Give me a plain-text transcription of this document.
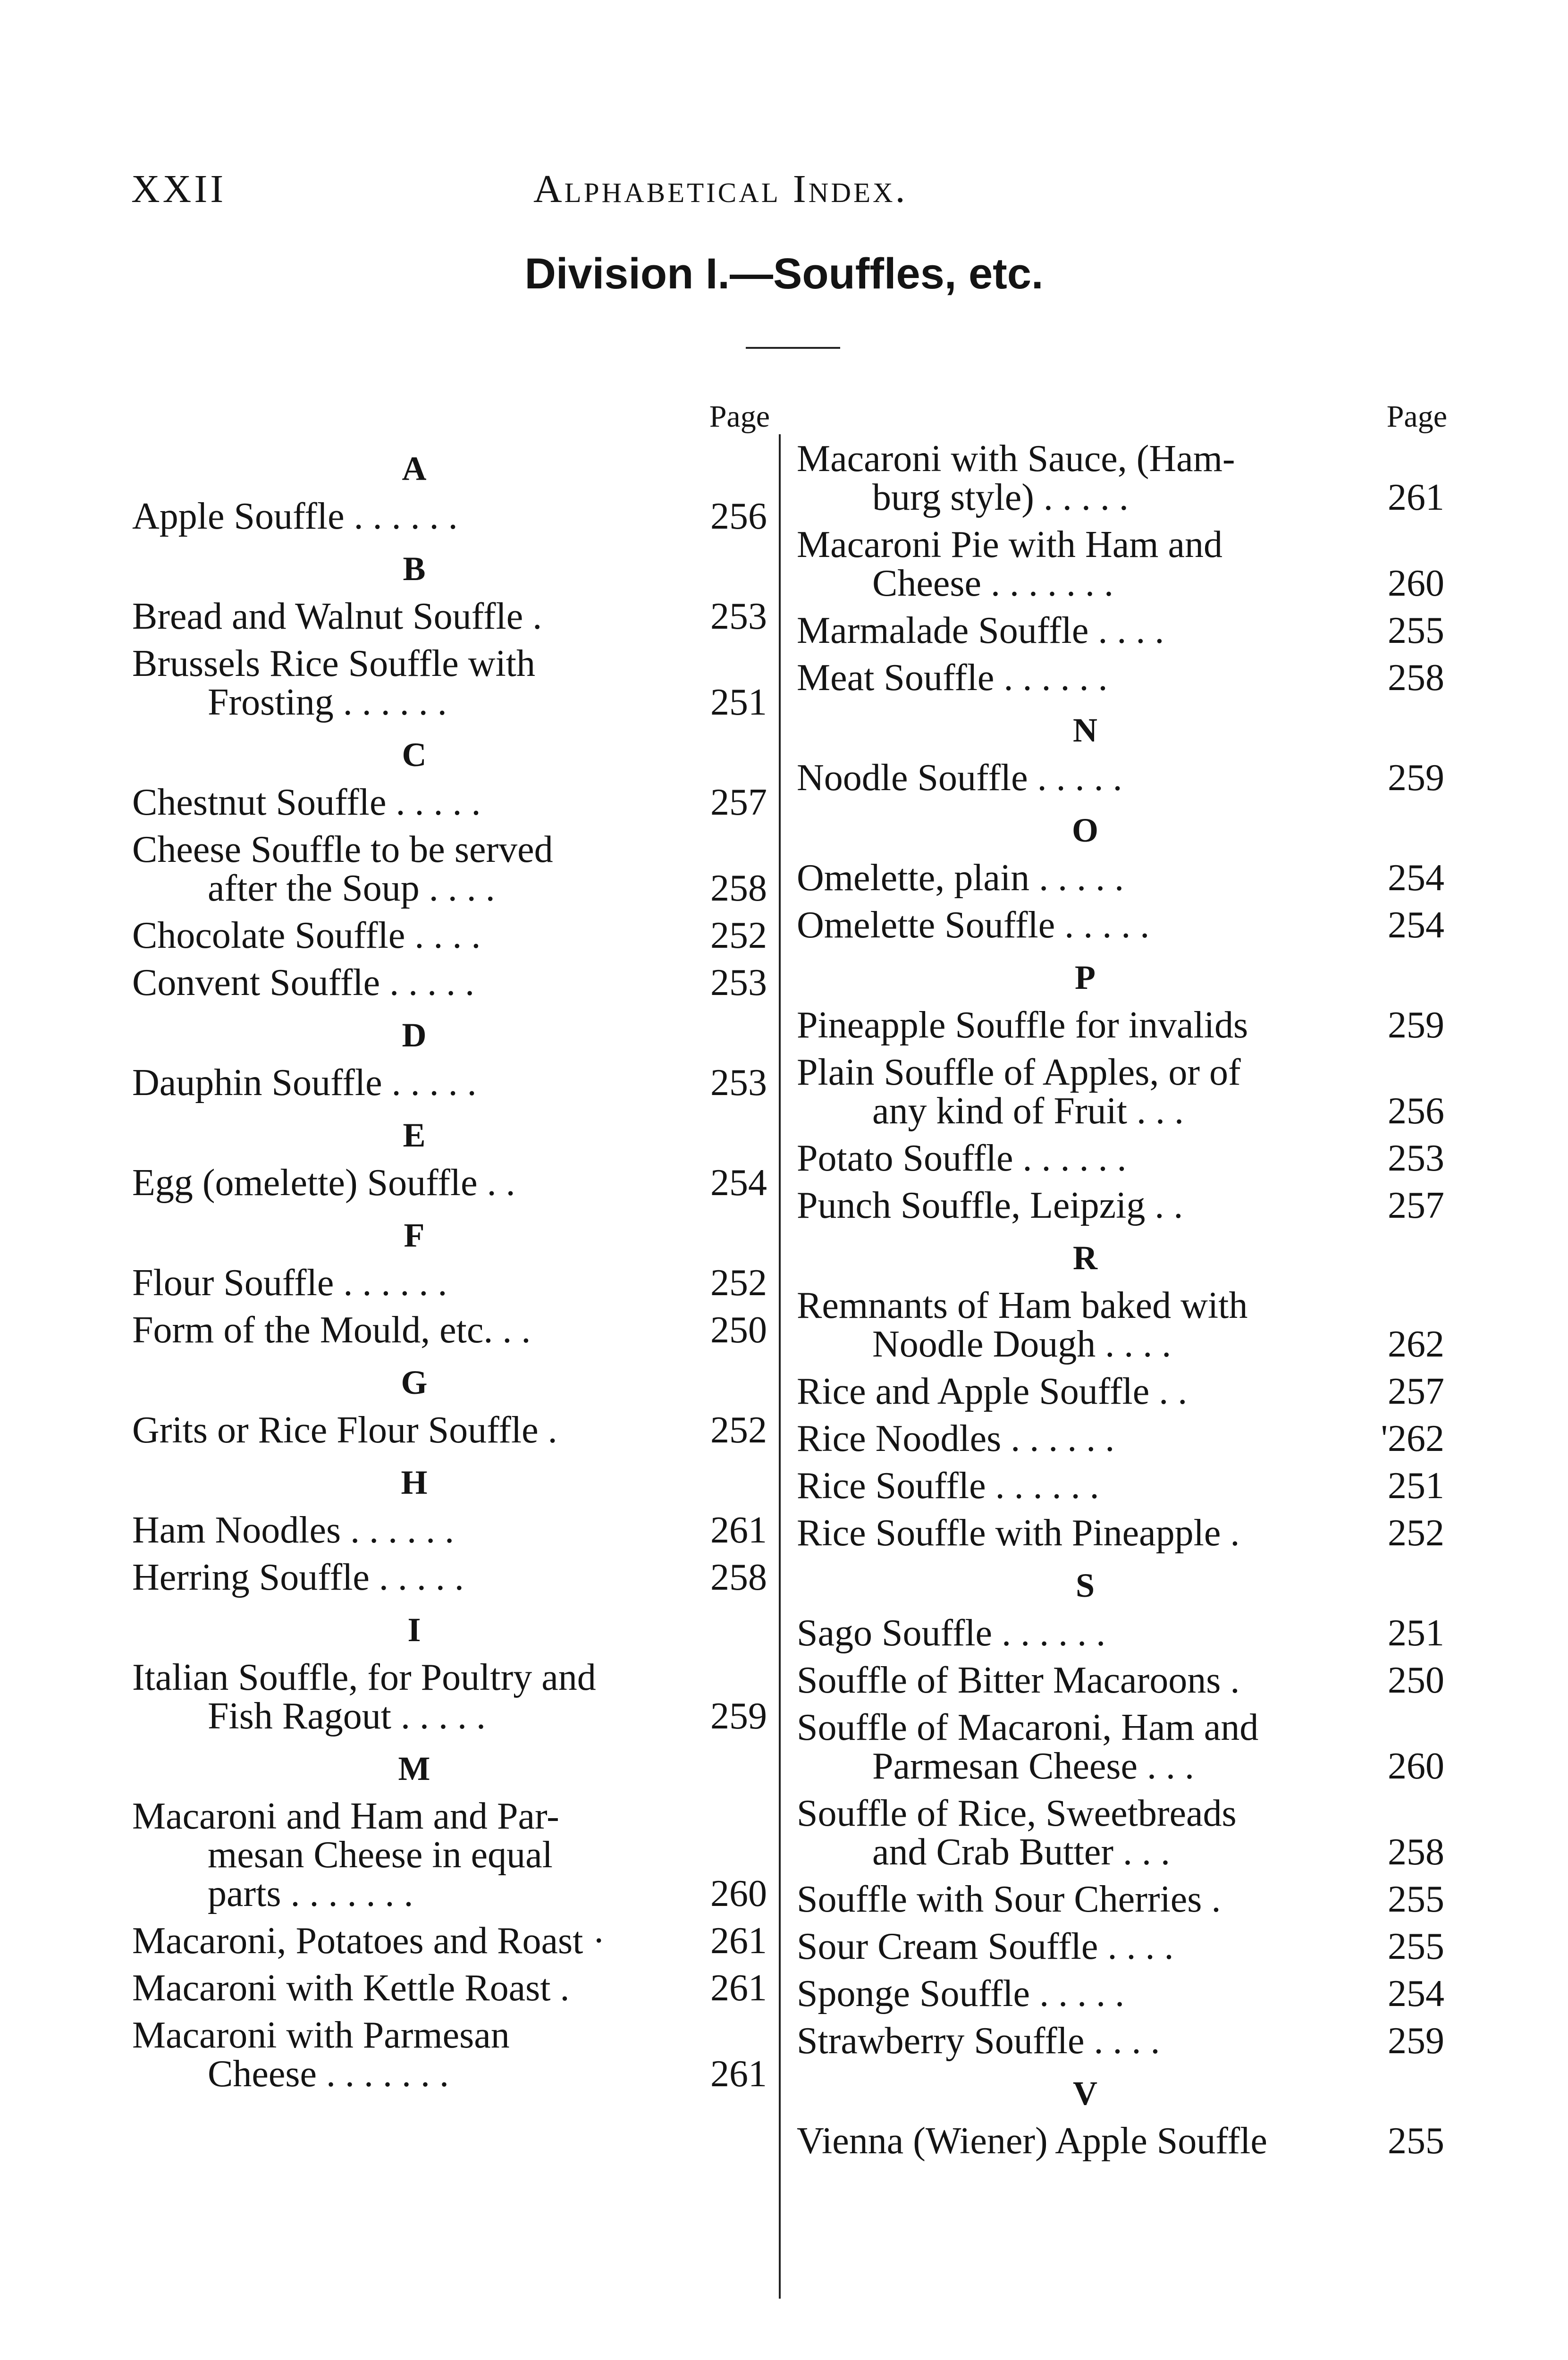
XXII	Alphabetical Index.
Division I.—Souffles, etc.
Page
A
Apple Souffle . . . . . .	256
B
Bread and Walnut Souffle .	253
Brussels Rice Souffle with
Frosting . . . . . .	251
C
Chestnut Souffle . . . . .	257
Cheese Souffle to be served
after the Soup . . . .	258
Chocolate Souffle . . . .	252
Convent Souffle . . . . .	253
D
Dauphin Souffle . . . . .	253
E
Egg (omelette) Souffle . .	254
F
Flour Souffle . . . . . .	252
Form of the Mould, etc. . .	250
G
Grits or Rice Flour Souffle .	252
H
Ham Noodles . . . . . .	261
Herring Souffle . . . . .	258
I
Italian Souffle, for Poultry and
Fish Ragout . . . . .	259
M
Macaroni and Ham and Par-
mesan Cheese in equal
parts . . . . . . .	260
Macaroni, Potatoes and Roast ·	261
Macaroni with Kettle Roast .	261
Macaroni with Parmesan
Cheese . . . . . . .	261
Page
Macaroni with Sauce, (Ham-
burg style) . . . . .	261
Macaroni Pie with Ham and
Cheese . . . . . . .	260
Marmalade Souffle . . . .	255
Meat Souffle . . . . . .	258
N
Noodle Souffle . . . . .	259
O
Omelette, plain . . . . .	254
Omelette Souffle . . . . .	254
P
Pineapple Souffle for invalids	259
Plain Souffle of Apples, or of
any kind of Fruit . . .	256
Potato Souffle . . . . . .	253
Punch Souffle, Leipzig . .	257
R
Remnants of Ham baked with
Noodle Dough . . . .	262
Rice and Apple Souffle . .	257
Rice Noodles . . . . . .	'262
Rice Souffle . . . . . .	251
Rice Souffle with Pineapple .	252
S
Sago Souffle . . . . . .	251
Souffle of Bitter Macaroons .	250
Souffle of Macaroni, Ham and
Parmesan Cheese . . .	260
Souffle of Rice, Sweetbreads
and Crab Butter . . .	258
Souffle with Sour Cherries .	255
Sour Cream Souffle . . . .	255
Sponge Souffle . . . . .	254
Strawberry Souffle . . . .	259
V
Vienna (Wiener) Apple Souffle	255
